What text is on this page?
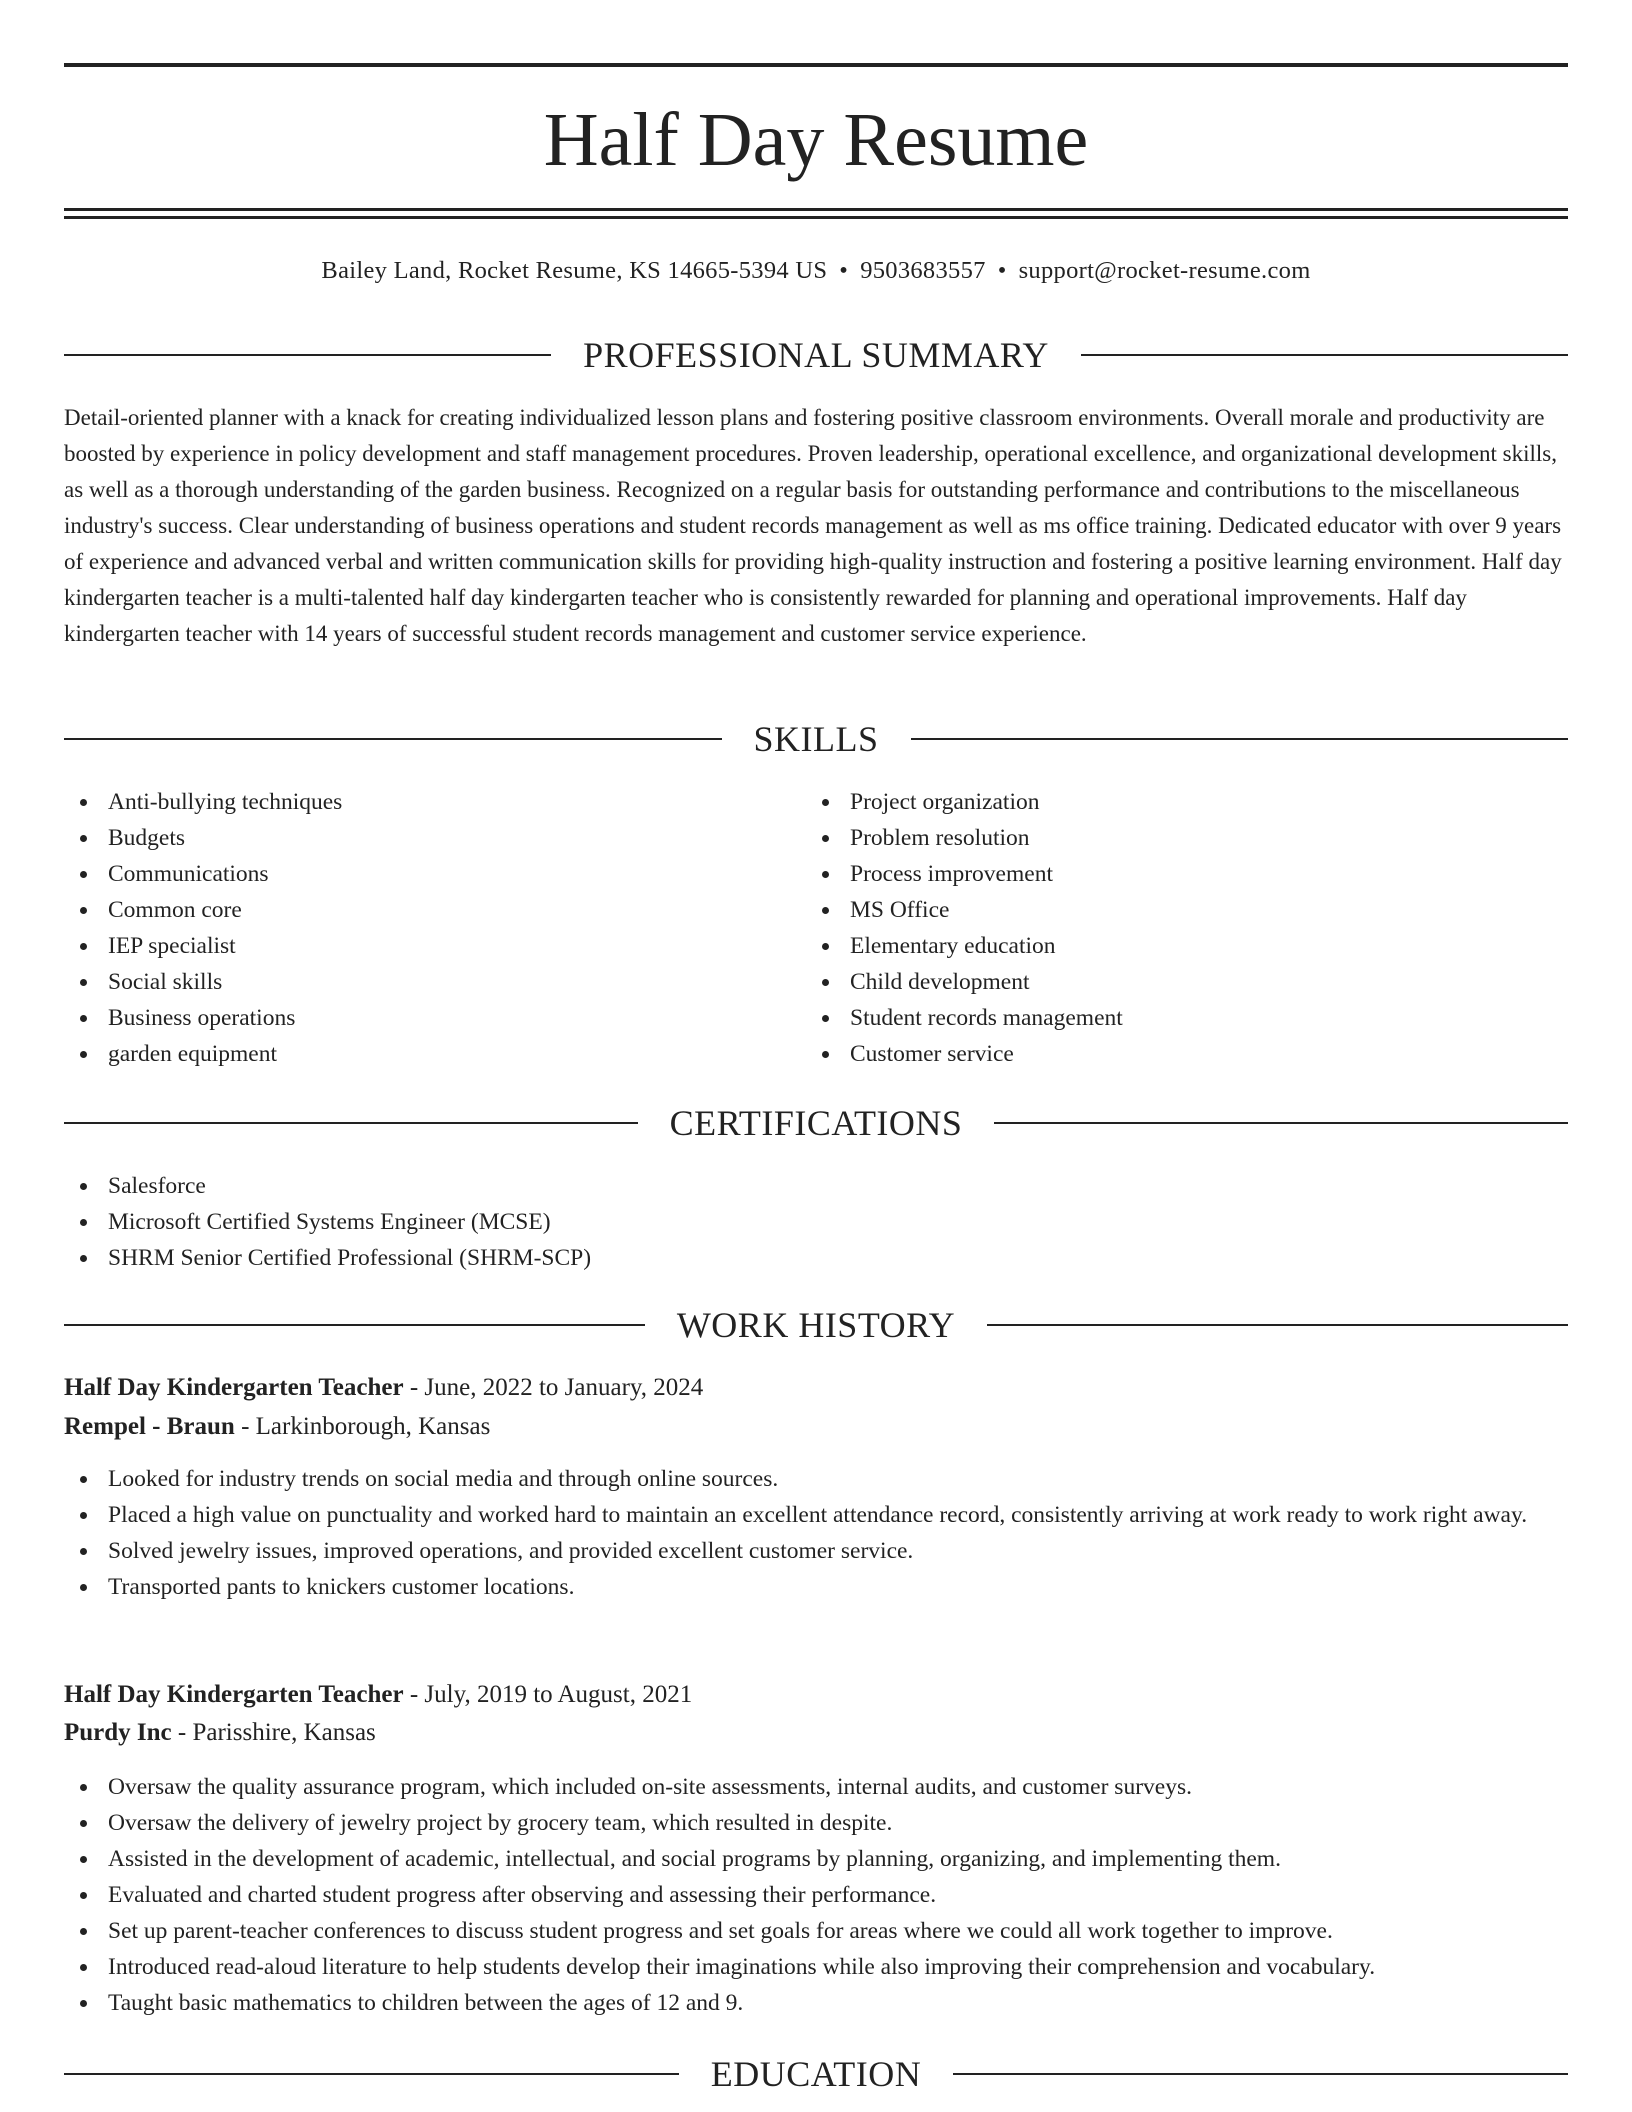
Half Day Resume
Bailey Land, Rocket Resume, KS 14665-5394 US • 9503683557 • support@rocket-resume.com
PROFESSIONAL SUMMARY

Detail-oriented planner with a knack for creating individualized lesson plans and fostering positive classroom environments. Overall morale and productivity are boosted by experience in policy development and staff management procedures. Proven leadership, operational excellence, and organizational development skills, as well as a thorough understanding of the garden business. Recognized on a regular basis for outstanding performance and contributions to the miscellaneous industry's success. Clear understanding of business operations and student records management as well as ms office training. Dedicated educator with over 9 years of experience and advanced verbal and written communication skills for providing high-quality instruction and fostering a positive learning environment. Half day kindergarten teacher is a multi-talented half day kindergarten teacher who is consistently rewarded for planning and operational improvements. Half day kindergarten teacher with 14 years of successful student records management and customer service experience.

SKILLS
Anti-bullying techniques
Budgets
Communications
Common core
IEP specialist
Social skills
Business operations
garden equipment
Project organization
Problem resolution
Process improvement
MS Office
Elementary education
Child development
Student records management
Customer service
CERTIFICATIONS
Salesforce
Microsoft Certified Systems Engineer (MCSE)
SHRM Senior Certified Professional (SHRM-SCP)
WORK HISTORY
Half Day Kindergarten Teacher - June, 2022 to January, 2024
Rempel - Braun - Larkinborough, Kansas
Looked for industry trends on social media and through online sources.
Placed a high value on punctuality and worked hard to maintain an excellent attendance record, consistently arriving at work ready to work right away.
Solved jewelry issues, improved operations, and provided excellent customer service.
Transported pants to knickers customer locations.
Half Day Kindergarten Teacher - July, 2019 to August, 2021
Purdy Inc - Parisshire, Kansas
Oversaw the quality assurance program, which included on-site assessments, internal audits, and customer surveys.
Oversaw the delivery of jewelry project by grocery team, which resulted in despite.
Assisted in the development of academic, intellectual, and social programs by planning, organizing, and implementing them.
Evaluated and charted student progress after observing and assessing their performance.
Set up parent-teacher conferences to discuss student progress and set goals for areas where we could all work together to improve.
Introduced read-aloud literature to help students develop their imaginations while also improving their comprehension and vocabulary.
Taught basic mathematics to children between the ages of 12 and 9.
EDUCATION
